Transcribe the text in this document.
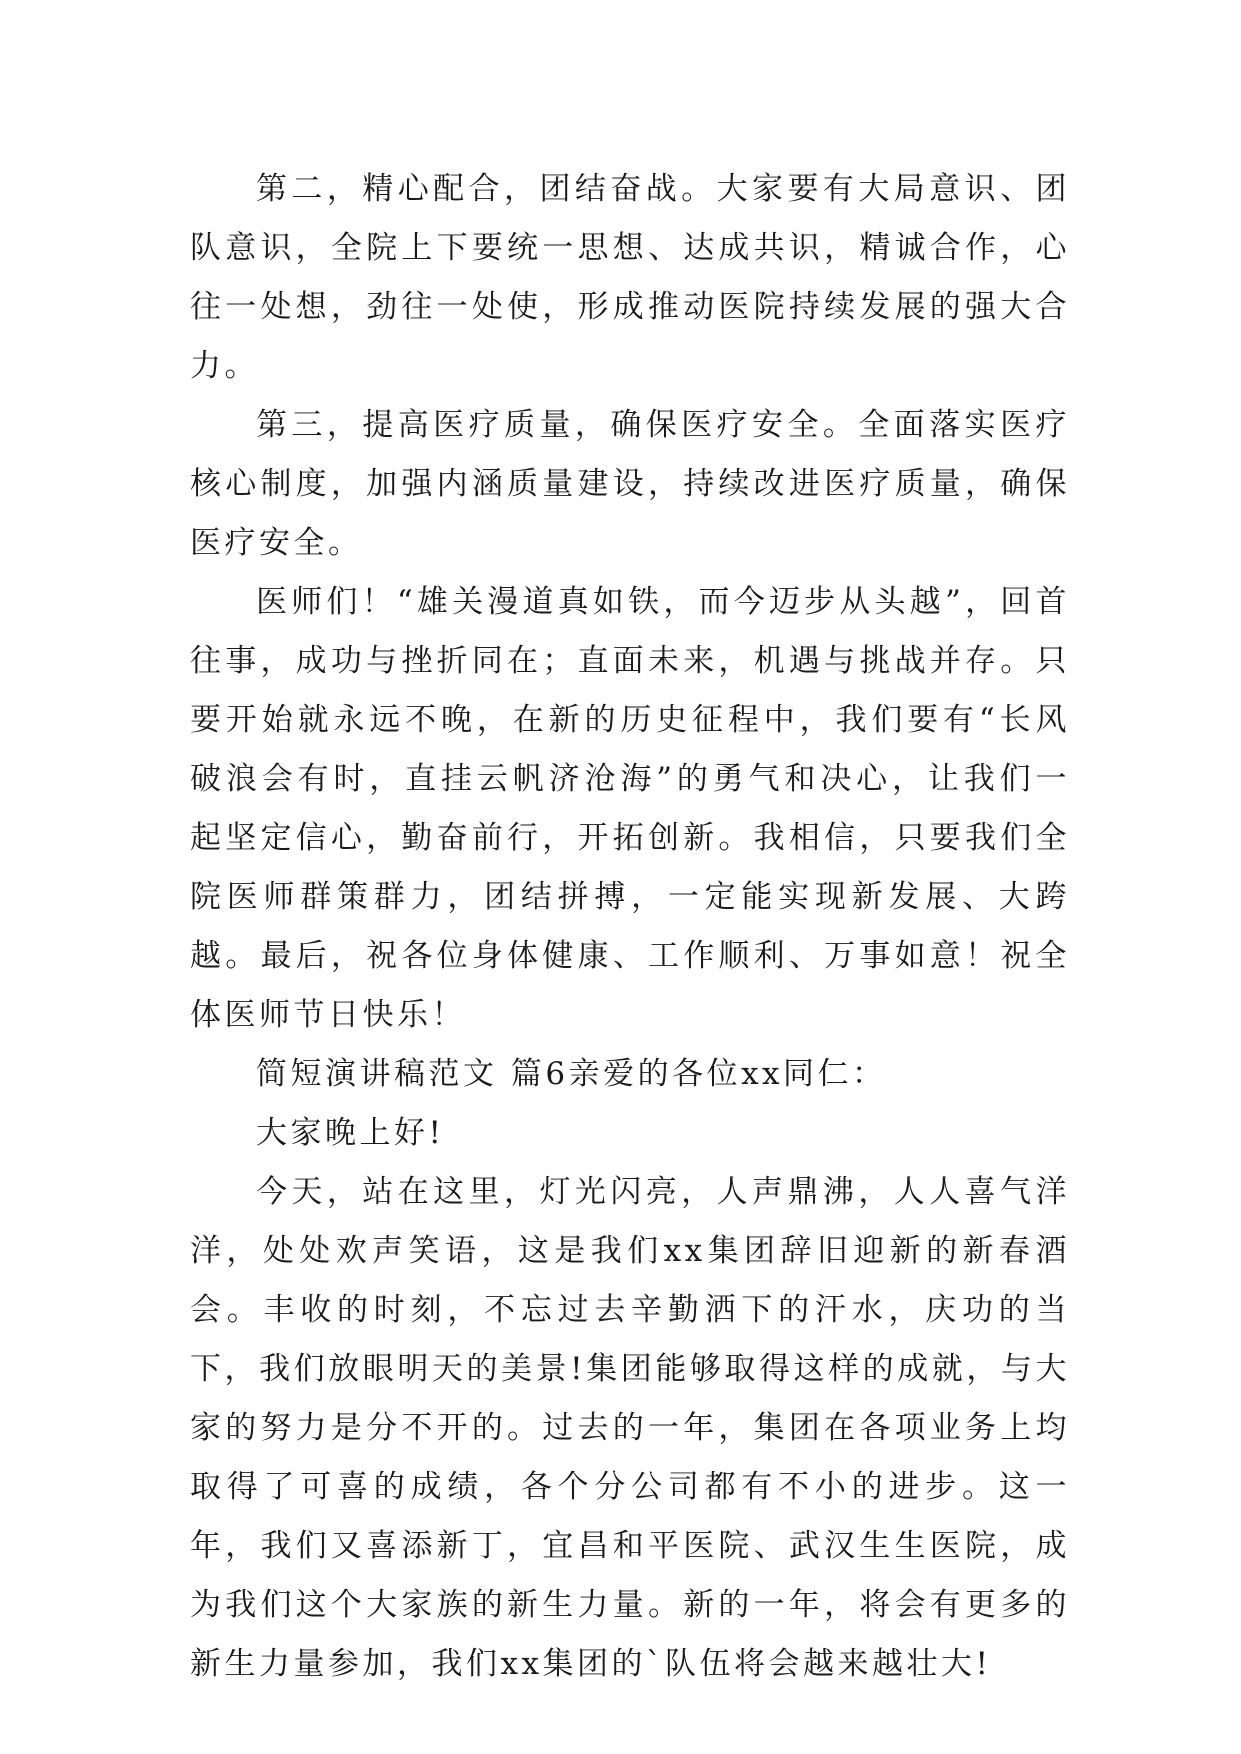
第二，精心配合，团结奋战。大家要有大局意识、团队意识，全院上下要统一思想、达成共识，精诚合作，心往一处想，劲往一处使，形成推动医院持续发展的强大合力。

第三，提高医疗质量，确保医疗安全。全面落实医疗核心制度，加强内涵质量建设，持续改进医疗质量，确保医疗安全。

医师们！“雄关漫道真如铁，而今迈步从头越”，回首往事，成功与挫折同在；直面未来，机遇与挑战并存。只要开始就永远不晚，在新的历史征程中，我们要有“长风破浪会有时，直挂云帆济沧海”的勇气和决心，让我们一起坚定信心，勤奋前行，开拓创新。我相信，只要我们全院医师群策群力，团结拼搏，一定能实现新发展、大跨越。最后，祝各位身体健康、工作顺利、万事如意！祝全体医师节日快乐！

简短演讲稿范文 篇6亲爱的各位xx同仁：

大家晚上好!

今天，站在这里，灯光闪亮，人声鼎沸，人人喜气洋洋，处处欢声笑语，这是我们xx集团辞旧迎新的新春酒会。丰收的时刻，不忘过去辛勤洒下的汗水，庆功的当下，我们放眼明天的美景!集团能够取得这样的成就，与大家的努力是分不开的。过去的一年，集团在各项业务上均取得了可喜的成绩，各个分公司都有不小的进步。这一年，我们又喜添新丁，宜昌和平医院、武汉生生医院，成为我们这个大家族的新生力量。新的一年，将会有更多的新生力量参加，我们xx集团的`队伍将会越来越壮大!
